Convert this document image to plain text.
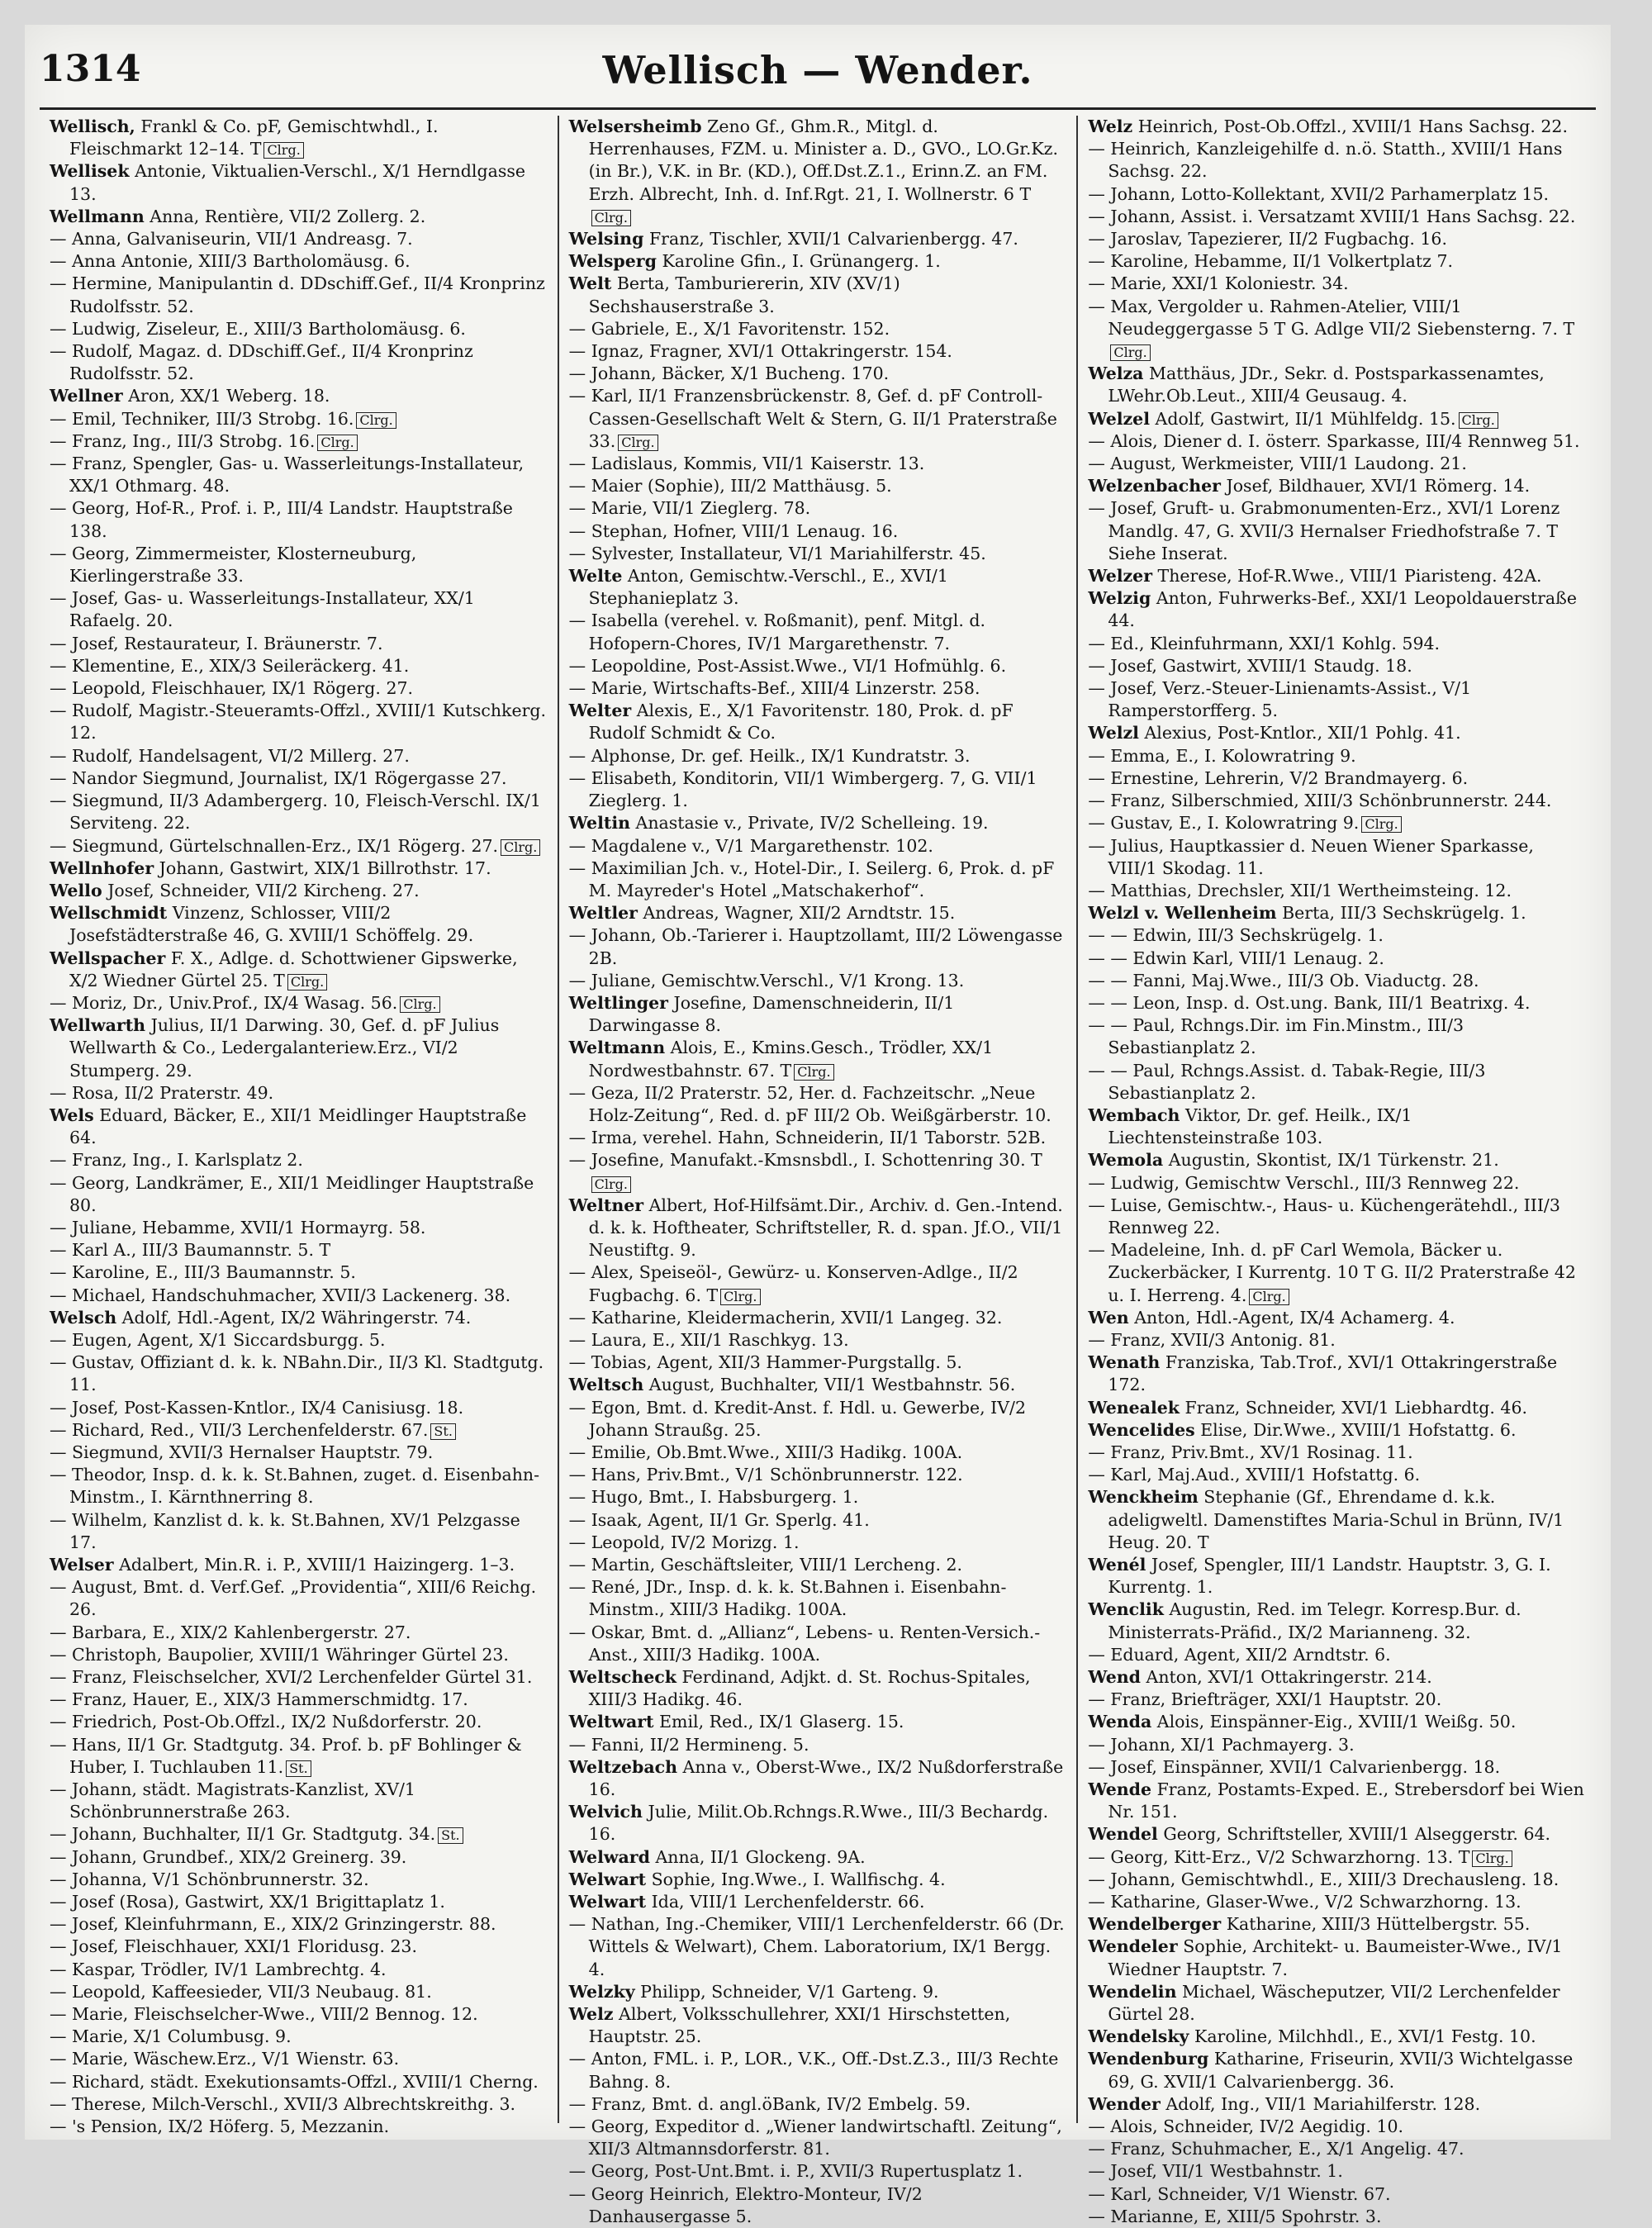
Wellisch — Wender.
1314
Wellisch, Frankl & Co. pF, Gemischtwhdl., I. Fleischmarkt 12–14. T Clrg.
Wellisek Antonie, Viktualien-Verschl., X/1 Herndlgasse 13.
Wellmann Anna, Rentière, VII/2 Zollerg. 2.
— Anna, Galvaniseurin, VII/1 Andreasg. 7.
— Anna Antonie, XIII/3 Bartholomäusg. 6.
— Hermine, Manipulantin d. DDschiff.Gef., II/4 Kronprinz Rudolfsstr. 52.
— Ludwig, Ziseleur, E., XIII/3 Bartholomäusg. 6.
— Rudolf, Magaz. d. DDschiff.Gef., II/4 Kronprinz Rudolfsstr. 52.
Wellner Aron, XX/1 Weberg. 18.
— Emil, Techniker, III/3 Strobg. 16. Clrg.
— Franz, Ing., III/3 Strobg. 16. Clrg.
— Franz, Spengler, Gas- u. Wasserleitungs-Installateur, XX/1 Othmarg. 48.
— Georg, Hof-R., Prof. i. P., III/4 Landstr. Hauptstraße 138.
— Georg, Zimmermeister, Klosterneuburg, Kierlingerstraße 33.
— Josef, Gas- u. Wasserleitungs-Installateur, XX/1 Rafaelg. 20.
— Josef, Restaurateur, I. Bräunerstr. 7.
— Klementine, E., XIX/3 Seileräckerg. 41.
— Leopold, Fleischhauer, IX/1 Rögerg. 27.
— Rudolf, Magistr.-Steueramts-Offzl., XVIII/1 Kutschkerg. 12.
— Rudolf, Handelsagent, VI/2 Millerg. 27.
— Nandor Siegmund, Journalist, IX/1 Rögergasse 27.
— Siegmund, II/3 Adambergerg. 10, Fleisch-Verschl. IX/1 Serviteng. 22.
— Siegmund, Gürtelschnallen-Erz., IX/1 Rögerg. 27. Clrg.
Wellnhofer Johann, Gastwirt, XIX/1 Billrothstr. 17.
Wello Josef, Schneider, VII/2 Kircheng. 27.
Wellschmidt Vinzenz, Schlosser, VIII/2 Josefstädterstraße 46, G. XVIII/1 Schöffelg. 29.
Wellspacher F. X., Adlge. d. Schottwiener Gipswerke, X/2 Wiedner Gürtel 25. T Clrg.
— Moriz, Dr., Univ.Prof., IX/4 Wasag. 56. Clrg.
Wellwarth Julius, II/1 Darwing. 30, Gef. d. pF Julius Wellwarth & Co., Ledergalanteriew.Erz., VI/2 Stumperg. 29.
— Rosa, II/2 Praterstr. 49.
Wels Eduard, Bäcker, E., XII/1 Meidlinger Hauptstraße 64.
— Franz, Ing., I. Karlsplatz 2.
— Georg, Landkrämer, E., XII/1 Meidlinger Hauptstraße 80.
— Juliane, Hebamme, XVII/1 Hormayrg. 58.
— Karl A., III/3 Baumannstr. 5. T
— Karoline, E., III/3 Baumannstr. 5.
— Michael, Handschuhmacher, XVII/3 Lackenerg. 38.
Welsch Adolf, Hdl.-Agent, IX/2 Währingerstr. 74.
— Eugen, Agent, X/1 Siccardsburgg. 5.
— Gustav, Offiziant d. k. k. NBahn.Dir., II/3 Kl. Stadtgutg. 11.
— Josef, Post-Kassen-Kntlor., IX/4 Canisiusg. 18.
— Richard, Red., VII/3 Lerchenfelderstr. 67. St.
— Siegmund, XVII/3 Hernalser Hauptstr. 79.
— Theodor, Insp. d. k. k. St.Bahnen, zuget. d. Eisenbahn-Minstm., I. Kärnthnerring 8.
— Wilhelm, Kanzlist d. k. k. St.Bahnen, XV/1 Pelzgasse 17.
Welser Adalbert, Min.R. i. P., XVIII/1 Haizingerg. 1–3.
— August, Bmt. d. Verf.Gef. „Providentia“, XIII/6 Reichg. 26.
— Barbara, E., XIX/2 Kahlenbergerstr. 27.
— Christoph, Baupolier, XVIII/1 Währinger Gürtel 23.
— Franz, Fleischselcher, XVI/2 Lerchenfelder Gürtel 31.
— Franz, Hauer, E., XIX/3 Hammerschmidtg. 17.
— Friedrich, Post-Ob.Offzl., IX/2 Nußdorferstr. 20.
— Hans, II/1 Gr. Stadtgutg. 34. Prof. b. pF Bohlinger & Huber, I. Tuchlauben 11. St.
— Johann, städt. Magistrats-Kanzlist, XV/1 Schönbrunnerstraße 263.
— Johann, Buchhalter, II/1 Gr. Stadtgutg. 34. St.
— Johann, Grundbef., XIX/2 Greinerg. 39.
— Johanna, V/1 Schönbrunnerstr. 32.
— Josef (Rosa), Gastwirt, XX/1 Brigittaplatz 1.
— Josef, Kleinfuhrmann, E., XIX/2 Grinzingerstr. 88.
— Josef, Fleischhauer, XXI/1 Floridusg. 23.
— Kaspar, Trödler, IV/1 Lambrechtg. 4.
— Leopold, Kaffeesieder, VII/3 Neubaug. 81.
— Marie, Fleischselcher-Wwe., VIII/2 Bennog. 12.
— Marie, X/1 Columbusg. 9.
— Marie, Wäschew.Erz., V/1 Wienstr. 63.
— Richard, städt. Exekutionsamts-Offzl., XVIII/1 Cherng.
— Therese, Milch-Verschl., XVII/3 Albrechtskreithg. 3.
— 's Pension, IX/2 Höferg. 5, Mezzanin.
Welsersheimb Zeno Gf., Ghm.R., Mitgl. d. Herrenhauses, FZM. u. Minister a. D., GVO., LO.Gr.Kz. (in Br.), V.K. in Br. (KD.), Off.Dst.Z.1., Erinn.Z. an FM. Erzh. Albrecht, Inh. d. Inf.Rgt. 21, I. Wollnerstr. 6 TClrg.
Welsing Franz, Tischler, XVII/1 Calvarienbergg. 47.
Welsperg Karoline Gfin., I. Grünangerg. 1.
Welt Berta, Tamburiererin, XIV (XV/1) Sechshauserstraße 3.
— Gabriele, E., X/1 Favoritenstr. 152.
— Ignaz, Fragner, XVI/1 Ottakringerstr. 154.
— Johann, Bäcker, X/1 Bucheng. 170.
— Karl, II/1 Franzensbrückenstr. 8, Gef. d. pF Controll-Cassen-Gesellschaft Welt & Stern, G. II/1 Praterstraße 33. Clrg.
— Ladislaus, Kommis, VII/1 Kaiserstr. 13.
— Maier (Sophie), III/2 Matthäusg. 5.
— Marie, VII/1 Zieglerg. 78.
— Stephan, Hofner, VIII/1 Lenaug. 16.
— Sylvester, Installateur, VI/1 Mariahilferstr. 45.
Welte Anton, Gemischtw.-Verschl., E., XVI/1 Stephanieplatz 3.
— Isabella (verehel. v. Roßmanit), penf. Mitgl. d. Hofopern-Chores, IV/1 Margarethenstr. 7.
— Leopoldine, Post-Assist.Wwe., VI/1 Hofmühlg. 6.
— Marie, Wirtschafts-Bef., XIII/4 Linzerstr. 258.
Welter Alexis, E., X/1 Favoritenstr. 180, Prok. d. pF Rudolf Schmidt & Co.
— Alphonse, Dr. gef. Heilk., IX/1 Kundratstr. 3.
— Elisabeth, Konditorin, VII/1 Wimbergerg. 7, G. VII/1 Zieglerg. 1.
Weltin Anastasie v., Private, IV/2 Schelleing. 19.
— Magdalene v., V/1 Margarethenstr. 102.
— Maximilian Jch. v., Hotel-Dir., I. Seilerg. 6, Prok. d. pF M. Mayreder's Hotel „Matschakerhof“.
Weltler Andreas, Wagner, XII/2 Arndtstr. 15.
— Johann, Ob.-Tarierer i. Hauptzollamt, III/2 Löwengasse 2B.
— Juliane, Gemischtw.Verschl., V/1 Krong. 13.
Weltlinger Josefine, Damenschneiderin, II/1 Darwingasse 8.
Weltmann Alois, E., Kmins.Gesch., Trödler, XX/1 Nordwestbahnstr. 67. T Clrg.
— Geza, II/2 Praterstr. 52, Her. d. Fachzeitschr. „Neue Holz-Zeitung“, Red. d. pF III/2 Ob. Weißgärberstr. 10.
— Irma, verehel. Hahn, Schneiderin, II/1 Taborstr. 52B.
— Josefine, Manufakt.-Kmsnsbdl., I. Schottenring 30. TClrg.
Weltner Albert, Hof-Hilfsämt.Dir., Archiv. d. Gen.-Intend. d. k. k. Hoftheater, Schriftsteller, R. d. span. Jf.O., VII/1 Neustiftg. 9.
— Alex, Speiseöl-, Gewürz- u. Konserven-Adlge., II/2 Fugbachg. 6. T Clrg.
— Katharine, Kleidermacherin, XVII/1 Langeg. 32.
— Laura, E., XII/1 Raschkyg. 13.
— Tobias, Agent, XII/3 Hammer-Purgstallg. 5.
Weltsch August, Buchhalter, VII/1 Westbahnstr. 56.
— Egon, Bmt. d. Kredit-Anst. f. Hdl. u. Gewerbe, IV/2 Johann Straußg. 25.
— Emilie, Ob.Bmt.Wwe., XIII/3 Hadikg. 100A.
— Hans, Priv.Bmt., V/1 Schönbrunnerstr. 122.
— Hugo, Bmt., I. Habsburgerg. 1.
— Isaak, Agent, II/1 Gr. Sperlg. 41.
— Leopold, IV/2 Morizg. 1.
— Martin, Geschäftsleiter, VIII/1 Lercheng. 2.
— René, JDr., Insp. d. k. k. St.Bahnen i. Eisenbahn-Minstm., XIII/3 Hadikg. 100A.
— Oskar, Bmt. d. „Allianz“, Lebens- u. Renten-Versich.-Anst., XIII/3 Hadikg. 100A.
Weltscheck Ferdinand, Adjkt. d. St. Rochus-Spitales, XIII/3 Hadikg. 46.
Weltwart Emil, Red., IX/1 Glaserg. 15.
— Fanni, II/2 Hermineng. 5.
Weltzebach Anna v., Oberst-Wwe., IX/2 Nußdorferstraße 16.
Welvich Julie, Milit.Ob.Rchngs.R.Wwe., III/3 Bechardg. 16.
Welward Anna, II/1 Glockeng. 9A.
Welwart Sophie, Ing.Wwe., I. Wallfischg. 4.
Welwart Ida, VIII/1 Lerchenfelderstr. 66.
— Nathan, Ing.-Chemiker, VIII/1 Lerchenfelderstr. 66 (Dr. Wittels & Welwart), Chem. Laboratorium, IX/1 Bergg. 4.
Welzky Philipp, Schneider, V/1 Garteng. 9.
Welz Albert, Volksschullehrer, XXI/1 Hirschstetten, Hauptstr. 25.
— Anton, FML. i. P., LOR., V.K., Off.-Dst.Z.3., III/3 Rechte Bahng. 8.
— Franz, Bmt. d. angl.öBank, IV/2 Embelg. 59.
— Georg, Expeditor d. „Wiener landwirtschaftl. Zeitung“, XII/3 Altmannsdorferstr. 81.
— Georg, Post-Unt.Bmt. i. P., XVII/3 Rupertusplatz 1.
— Georg Heinrich, Elektro-Monteur, IV/2 Danhausergasse 5.
Welz Heinrich, Post-Ob.Offzl., XVIII/1 Hans Sachsg. 22.
— Heinrich, Kanzleigehilfe d. n.ö. Statth., XVIII/1 Hans Sachsg. 22.
— Johann, Lotto-Kollektant, XVII/2 Parhamerplatz 15.
— Johann, Assist. i. Versatzamt XVIII/1 Hans Sachsg. 22.
— Jaroslav, Tapezierer, II/2 Fugbachg. 16.
— Karoline, Hebamme, II/1 Volkertplatz 7.
— Marie, XXI/1 Koloniestr. 34.
— Max, Vergolder u. Rahmen-Atelier, VIII/1 Neudeggergasse 5 T G. Adlge VII/2 Siebensterng. 7. TClrg.
Welza Matthäus, JDr., Sekr. d. Postsparkassenamtes, LWehr.Ob.Leut., XIII/4 Geusaug. 4.
Welzel Adolf, Gastwirt, II/1 Mühlfeldg. 15. Clrg.
— Alois, Diener d. I. österr. Sparkasse, III/4 Rennweg 51.
— August, Werkmeister, VIII/1 Laudong. 21.
Welzenbacher Josef, Bildhauer, XVI/1 Römerg. 14.
— Josef, Gruft- u. Grabmonumenten-Erz., XVI/1 Lorenz Mandlg. 47, G. XVII/3 Hernalser Friedhofstraße 7. T Siehe Inserat.
Welzer Therese, Hof-R.Wwe., VIII/1 Piaristeng. 42A.
Welzig Anton, Fuhrwerks-Bef., XXI/1 Leopoldauerstraße 44.
— Ed., Kleinfuhrmann, XXI/1 Kohlg. 594.
— Josef, Gastwirt, XVIII/1 Staudg. 18.
— Josef, Verz.-Steuer-Linienamts-Assist., V/1 Ramperstorfferg. 5.
Welzl Alexius, Post-Kntlor., XII/1 Pohlg. 41.
— Emma, E., I. Kolowratring 9.
— Ernestine, Lehrerin, V/2 Brandmayerg. 6.
— Franz, Silberschmied, XIII/3 Schönbrunnerstr. 244.
— Gustav, E., I. Kolowratring 9. Clrg.
— Julius, Hauptkassier d. Neuen Wiener Sparkasse, VIII/1 Skodag. 11.
— Matthias, Drechsler, XII/1 Wertheimsteing. 12.
Welzl v. Wellenheim Berta, III/3 Sechskrügelg. 1.
— — Edwin, III/3 Sechskrügelg. 1.
— — Edwin Karl, VIII/1 Lenaug. 2.
— — Fanni, Maj.Wwe., III/3 Ob. Viaductg. 28.
— — Leon, Insp. d. Ost.ung. Bank, III/1 Beatrixg. 4.
— — Paul, Rchngs.Dir. im Fin.Minstm., III/3 Sebastianplatz 2.
— — Paul, Rchngs.Assist. d. Tabak-Regie, III/3 Sebastianplatz 2.
Wembach Viktor, Dr. gef. Heilk., IX/1 Liechtensteinstraße 103.
Wemola Augustin, Skontist, IX/1 Türkenstr. 21.
— Ludwig, Gemischtw Verschl., III/3 Rennweg 22.
— Luise, Gemischtw.-, Haus- u. Küchengerätehdl., III/3 Rennweg 22.
— Madeleine, Inh. d. pF Carl Wemola, Bäcker u. Zuckerbäcker, I Kurrentg. 10 T G. II/2 Praterstraße 42 u. I. Herreng. 4. Clrg.
Wen Anton, Hdl.-Agent, IX/4 Achamerg. 4.
— Franz, XVII/3 Antonig. 81.
Wenath Franziska, Tab.Trof., XVI/1 Ottakringerstraße 172.
Wenealek Franz, Schneider, XVI/1 Liebhardtg. 46.
Wencelides Elise, Dir.Wwe., XVIII/1 Hofstattg. 6.
— Franz, Priv.Bmt., XV/1 Rosinag. 11.
— Karl, Maj.Aud., XVIII/1 Hofstattg. 6.
Wenckheim Stephanie (Gf., Ehrendame d. k.k. adeligweltl. Damenstiftes Maria-Schul in Brünn, IV/1 Heug. 20. T
Wenél Josef, Spengler, III/1 Landstr. Hauptstr. 3, G. I. Kurrentg. 1.
Wenclik Augustin, Red. im Telegr. Korresp.Bur. d. Ministerrats-Präfid., IX/2 Marianneng. 32.
— Eduard, Agent, XII/2 Arndtstr. 6.
Wend Anton, XVI/1 Ottakringerstr. 214.
— Franz, Briefträger, XXI/1 Hauptstr. 20.
Wenda Alois, Einspänner-Eig., XVIII/1 Weißg. 50.
— Johann, XI/1 Pachmayerg. 3.
— Josef, Einspänner, XVII/1 Calvarienbergg. 18.
Wende Franz, Postamts-Exped. E., Strebersdorf bei Wien Nr. 151.
Wendel Georg, Schriftsteller, XVIII/1 Alseggerstr. 64.
— Georg, Kitt-Erz., V/2 Schwarzhorng. 13. T Clrg.
— Johann, Gemischtwhdl., E., XIII/3 Drechausleng. 18.
— Katharine, Glaser-Wwe., V/2 Schwarzhorng. 13.
Wendelberger Katharine, XIII/3 Hüttelbergstr. 55.
Wendeler Sophie, Architekt- u. Baumeister-Wwe., IV/1 Wiedner Hauptstr. 7.
Wendelin Michael, Wäscheputzer, VII/2 Lerchenfelder Gürtel 28.
Wendelsky Karoline, Milchhdl., E., XVI/1 Festg. 10.
Wendenburg Katharine, Friseurin, XVII/3 Wichtelgasse 69, G. XVII/1 Calvarienbergg. 36.
Wender Adolf, Ing., VII/1 Mariahilferstr. 128.
— Alois, Schneider, IV/2 Aegidig. 10.
— Franz, Schuhmacher, E., X/1 Angelig. 47.
— Josef, VII/1 Westbahnstr. 1.
— Karl, Schneider, V/1 Wienstr. 67.
— Marianne, E, XIII/5 Spohrstr. 3.
